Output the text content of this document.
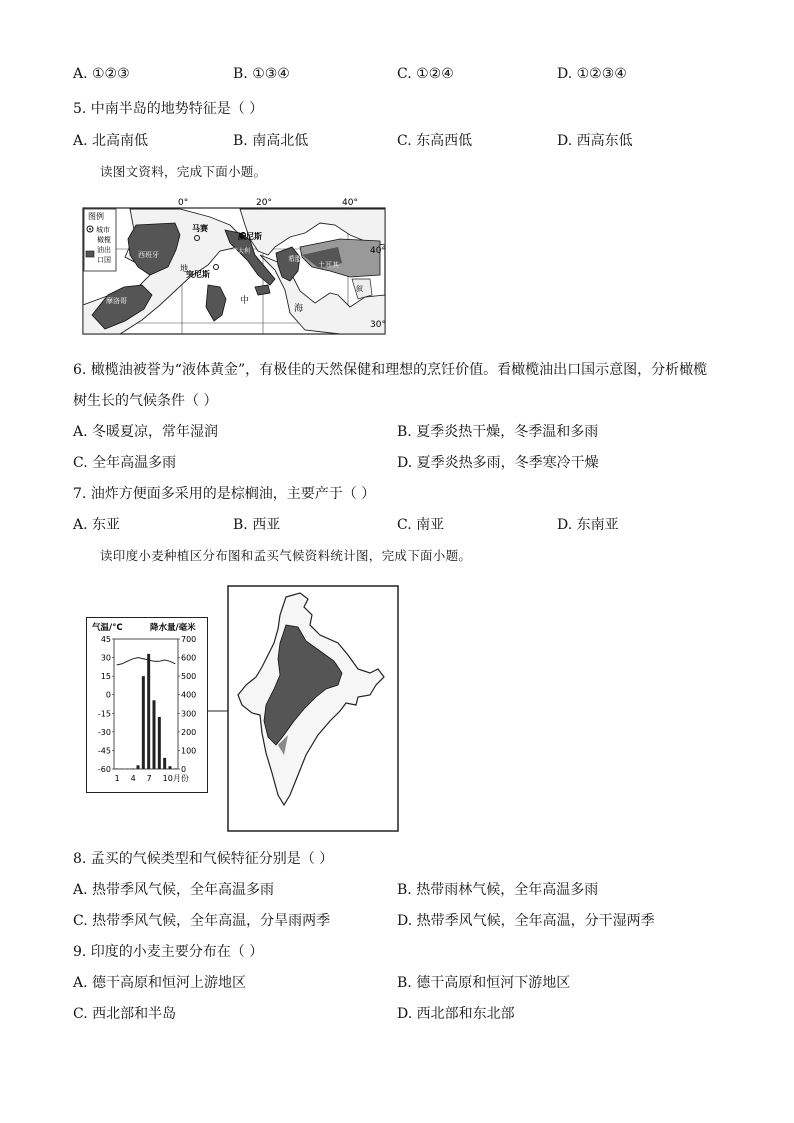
A. ①②③	B. ①③④	C. ①②④	D. ①②③④
5. 中南半岛的地势特征是（ ）
A. 北高南低	B. 南高北低	C. 东高西低	D. 西高东低
读图文资料，完成下面小题。
图例
城市
橄榄
油出
口国
0°	20°	40°
40°
30°
马赛
威尼斯
突尼斯
希腊
土耳其
摩洛哥
地
中
海
西班牙	意大利
叙
6. 橄榄油被誉为“液体黄金”，有极佳的天然保健和理想的烹饪价值。看橄榄油出口国示意图，分析橄榄
树生长的气候条件（ ）
A. 冬暖夏凉，常年湿润	B. 夏季炎热干燥，冬季温和多雨
C. 全年高温多雨	D. 夏季炎热多雨，冬季寒冷干燥
7. 油炸方便面多采用的是棕榈油，主要产于（ ）
A. 东亚	B. 西亚	C. 南亚	D. 东南亚
读印度小麦种植区分布图和孟买气候资料统计图，完成下面小题。
气温/°C	降水量/毫米
45
30
15
0
-15
-30
-45
-60
700
600
500
400
300
200
100
0
1 4 7 10月份
8. 孟买的气候类型和气候特征分别是（ ）
A. 热带季风气候，全年高温多雨	B. 热带雨林气候，全年高温多雨
C. 热带季风气候，全年高温，分旱雨两季	D. 热带季风气候，全年高温，分干湿两季
9. 印度的小麦主要分布在（ ）
A. 德干高原和恒河上游地区	B. 德干高原和恒河下游地区
C. 西北部和半岛	D. 西北部和东北部
